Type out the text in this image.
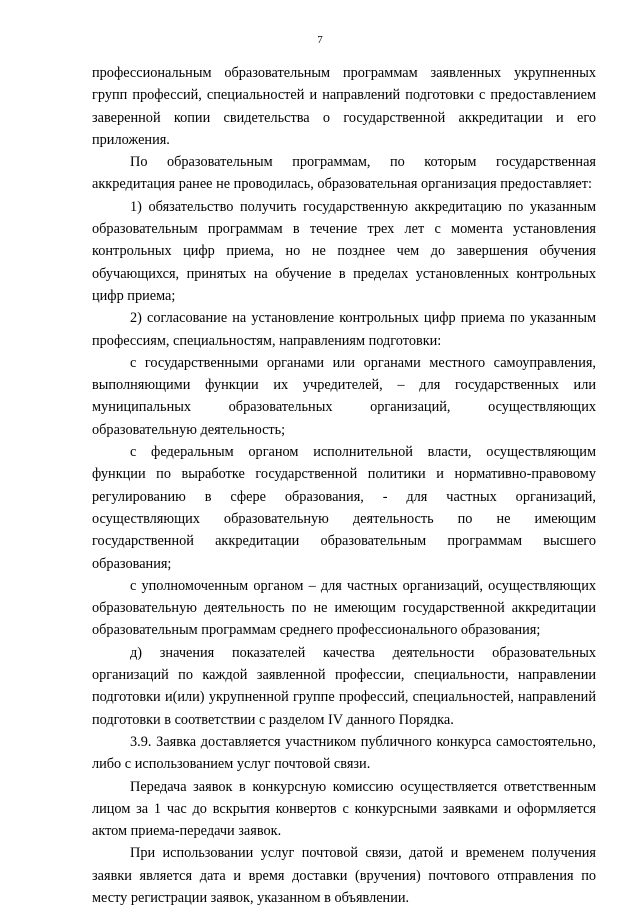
7

профессиональным образовательным программам заявленных укрупненных групп профессий, специальностей и направлений подготовки с предоставлением заверенной копии свидетельства о государственной аккредитации и его приложения.

По образовательным программам, по которым государственная аккредитация ранее не проводилась, образовательная организация предоставляет:

1) обязательство получить государственную аккредитацию по указанным образовательным программам в течение трех лет с момента установления контрольных цифр приема, но не позднее чем до завершения обучения обучающихся, принятых на обучение в пределах установленных контрольных цифр приема;

2) согласование на установление контрольных цифр приема по указанным профессиям, специальностям, направлениям подготовки:

с государственными органами или органами местного самоуправления, выполняющими функции их учредителей, – для государственных или муниципальных образовательных организаций, осуществляющих образовательную деятельность;

с федеральным органом исполнительной власти, осуществляющим функции по выработке государственной политики и нормативно-правовому регулированию в сфере образования, - для частных организаций, осуществляющих образовательную деятельность по не имеющим государственной аккредитации образовательным программам высшего образования;

с уполномоченным органом – для частных организаций, осуществляющих образовательную деятельность по не имеющим государственной аккредитации образовательным программам среднего профессионального образования;

д) значения показателей качества деятельности образовательных организаций по каждой заявленной профессии, специальности, направлении подготовки и(или) укрупненной группе профессий, специальностей, направлений подготовки в соответствии с разделом IV данного Порядка.

3.9. Заявка доставляется участником публичного конкурса самостоятельно, либо с использованием услуг почтовой связи.

Передача заявок в конкурсную комиссию осуществляется ответственным лицом за 1 час до вскрытия конвертов с конкурсными заявками и оформляется актом приема-передачи заявок.

При использовании услуг почтовой связи, датой и временем получения заявки является дата и время доставки (вручения) почтового отправления по месту регистрации заявок, указанном в объявлении.
